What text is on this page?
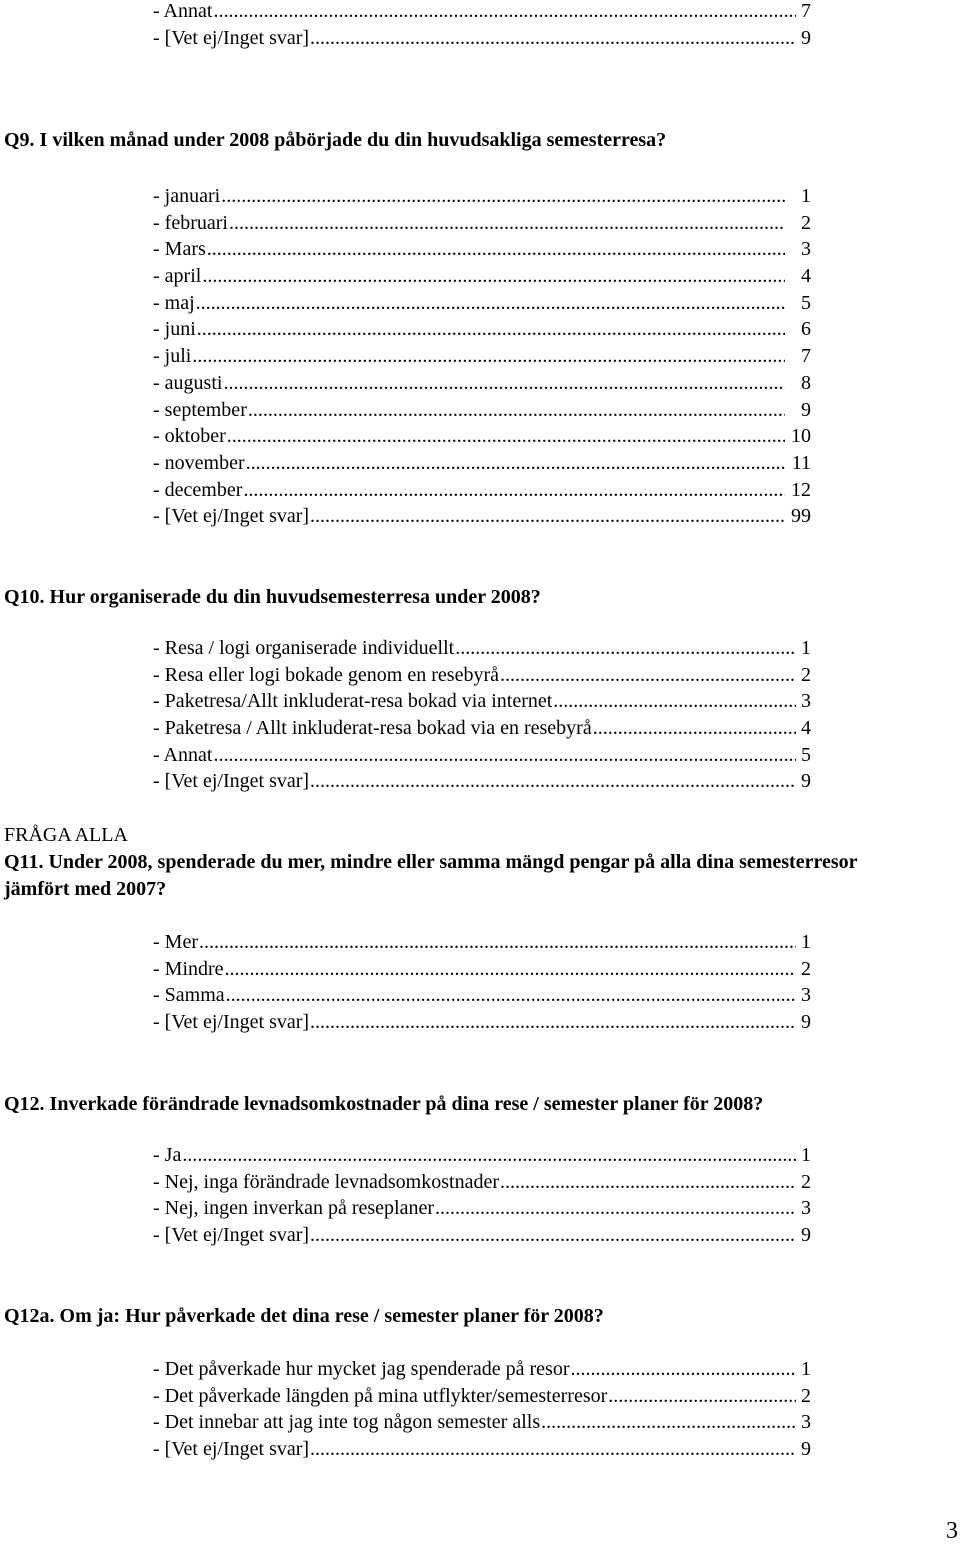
- Annat .....	7
- [Vet ej/Inget svar] .....	9
Q9. I vilken månad under 2008 påbörjade du din huvudsakliga semesterresa?
- januari .....	1
- februari .....	2
- Mars .....	3
- april .....	4
- maj .....	5
- juni .....	6
- juli .....	7
- augusti .....	8
- september .....	9
- oktober .....	10
- november .....	11
- december .....	12
- [Vet ej/Inget svar] .....	99
Q10. Hur organiserade du din huvudsemesterresa under 2008?
- Resa / logi organiserade individuellt .....	1
- Resa eller logi bokade genom en resebyrå .....	2
- Paketresa/Allt inkluderat-resa bokad via internet .....	3
- Paketresa / Allt inkluderat-resa bokad via en resebyrå .....	4
- Annat .....	5
- [Vet ej/Inget svar] .....	9
FRÅGA ALLA
Q11. Under 2008, spenderade du mer, mindre eller samma mängd pengar på alla dina semesterresor jämfört med 2007?
- Mer .....	1
- Mindre .....	2
- Samma .....	3
- [Vet ej/Inget svar] .....	9
Q12. Inverkade förändrade levnadsomkostnader på dina rese / semester planer för 2008?
- Ja .....	1
- Nej, inga förändrade levnadsomkostnader .....	2
- Nej, ingen inverkan på reseplaner .....	3
- [Vet ej/Inget svar] .....	9
Q12a. Om ja: Hur påverkade det dina rese / semester planer för 2008?
- Det påverkade hur mycket jag spenderade på resor .....	1
- Det påverkade längden på mina utflykter/semesterresor .....	2
- Det innebar att jag inte tog någon semester alls .....	3
- [Vet ej/Inget svar] .....	9
3
